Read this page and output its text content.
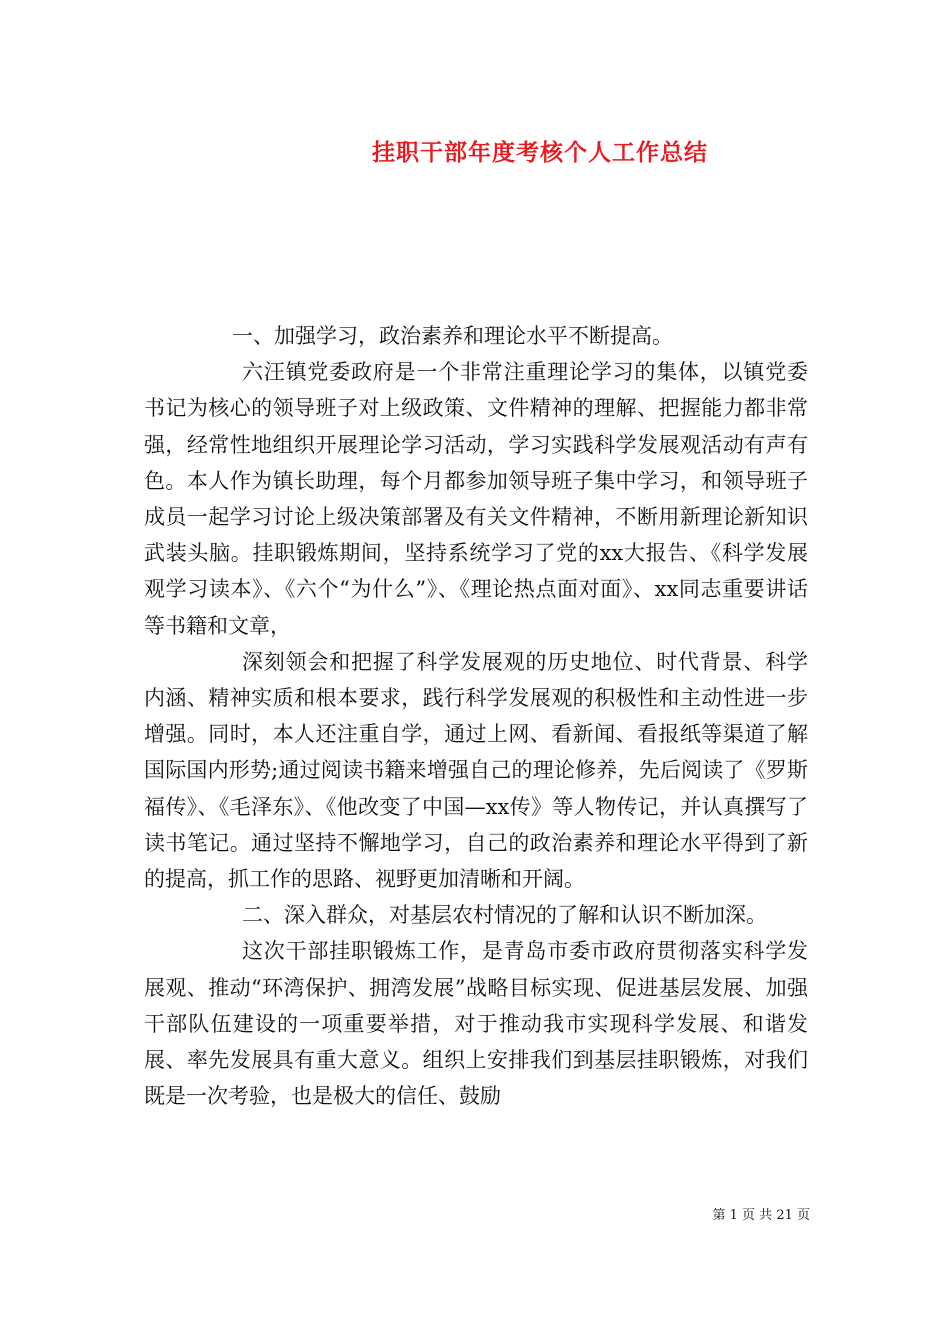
挂职干部年度考核个人工作总结

一、加强学习，政治素养和理论水平不断提高。

六汪镇党委政府是一个非常注重理论学习的集体，以镇党委书记为核心的领导班子对上级政策、文件精神的理解、把握能力都非常强，经常性地组织开展理论学习活动，学习实践科学发展观活动有声有色。本人作为镇长助理，每个月都参加领导班子集中学习，和领导班子成员一起学习讨论上级决策部署及有关文件精神，不断用新理论新知识武装头脑。挂职锻炼期间，坚持系统学习了党的xx大报告、《科学发展观学习读本》、《六个“为什么”》、《理论热点面对面》、xx同志重要讲话等书籍和文章，

深刻领会和把握了科学发展观的历史地位、时代背景、科学内涵、精神实质和根本要求，践行科学发展观的积极性和主动性进一步增强。同时，本人还注重自学，通过上网、看新闻、看报纸等渠道了解国际国内形势;通过阅读书籍来增强自己的理论修养，先后阅读了《罗斯福传》、《毛泽东》、《他改变了中国—xx传》等人物传记，并认真撰写了读书笔记。通过坚持不懈地学习，自己的政治素养和理论水平得到了新的提高，抓工作的思路、视野更加清晰和开阔。

二、深入群众，对基层农村情况的了解和认识不断加深。

这次干部挂职锻炼工作，是青岛市委市政府贯彻落实科学发展观、推动“环湾保护、拥湾发展”战略目标实现、促进基层发展、加强干部队伍建设的一项重要举措，对于推动我市实现科学发展、和谐发展、率先发展具有重大意义。组织上安排我们到基层挂职锻炼，对我们既是一次考验，也是极大的信任、鼓励

第 1 页 共 21 页
